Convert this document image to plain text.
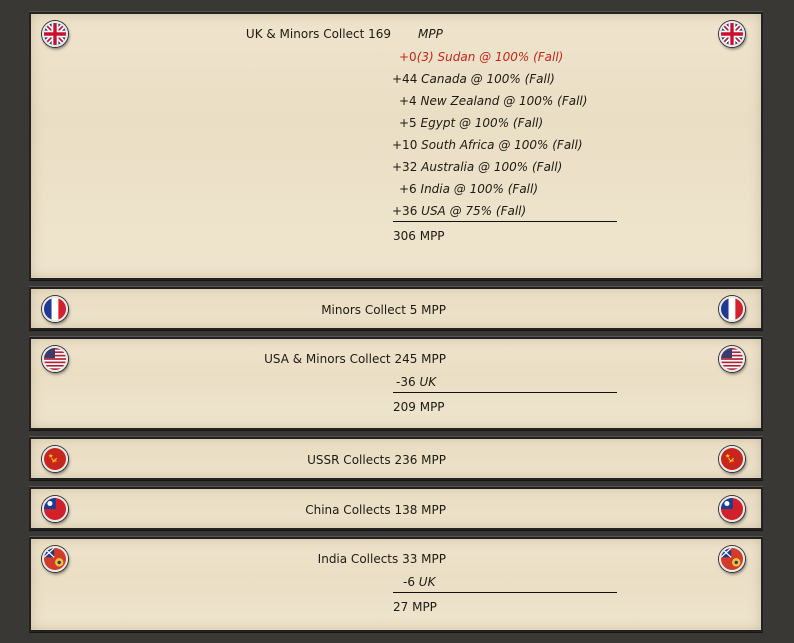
UK & Minors Collect 169 MPP
+0(3) Sudan @ 100% (Fall)
+44 Canada @ 100% (Fall)
+4 New Zealand @ 100% (Fall)
+5 Egypt @ 100% (Fall)
+10 South Africa @ 100% (Fall)
+32 Australia @ 100% (Fall)
+6 India @ 100% (Fall)
+36 USA @ 75% (Fall)
306 MPP
Minors Collect 5 MPP
USA & Minors Collect 245 MPP
-36 UK
209 MPP
USSR Collects 236 MPP
China Collects 138 MPP
India Collects 33 MPP
-6 UK
27 MPP
